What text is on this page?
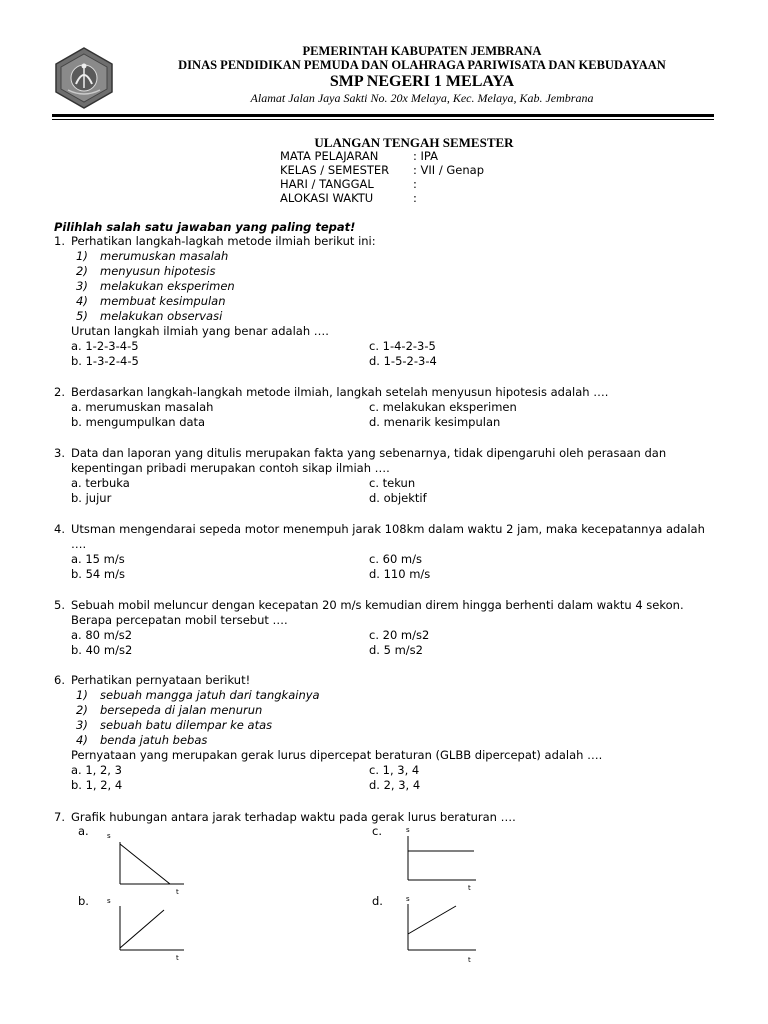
PEMERINTAH KABUPATEN JEMBRANA
DINAS PENDIDIKAN PEMUDA DAN OLAHRAGA PARIWISATA DAN KEBUDAYAAN
SMP NEGERI 1 MELAYA
Alamat Jalan Jaya Sakti No. 20x Melaya, Kec. Melaya, Kab. Jembrana
ULANGAN TENGAH SEMESTER
MATA PELAJARAN	: IPA
KELAS / SEMESTER	: VII / Genap
HARI / TANGGAL	:
ALOKASI WAKTU	:
Pilihlah salah satu jawaban yang paling tepat!
1. Perhatikan langkah-lagkah metode ilmiah berikut ini:
1)	merumuskan masalah
2)	menyusun hipotesis
3)	melakukan eksperimen
4)	membuat kesimpulan
5)	melakukan observasi
Urutan langkah ilmiah yang benar adalah ….
a. 1-2-3-4-5	c. 1-4-2-3-5
b. 1-3-2-4-5	d. 1-5-2-3-4
2. Berdasarkan langkah-langkah metode ilmiah, langkah setelah menyusun hipotesis adalah ….
a. merumuskan masalah	c. melakukan eksperimen
b. mengumpulkan data	d. menarik kesimpulan
3. Data dan laporan yang ditulis merupakan fakta yang sebenarnya, tidak dipengaruhi oleh perasaan dan
kepentingan pribadi merupakan contoh sikap ilmiah ….
a. terbuka	c. tekun
b. jujur	d. objektif
4. Utsman mengendarai sepeda motor menempuh jarak 108km dalam waktu 2 jam, maka kecepatannya adalah
….
a. 15 m/s	c. 60 m/s
b. 54 m/s	d. 110 m/s
5. Sebuah mobil meluncur dengan kecepatan 20 m/s kemudian direm hingga berhenti dalam waktu 4 sekon.
Berapa percepatan mobil tersebut ….
a. 80 m/s2	c. 20 m/s2
b. 40 m/s2	d. 5 m/s2
6. Perhatikan pernyataan berikut!
1)	sebuah mangga jatuh dari tangkainya
2)	bersepeda di jalan menurun
3)	sebuah batu dilempar ke atas
4)	benda jatuh bebas
Pernyataan yang merupakan gerak lurus dipercepat beraturan (GLBB dipercepat) adalah ….
a. 1, 2, 3	c. 1, 3, 4
b. 1, 2, 4	d. 2, 3, 4
7. Grafik hubungan antara jarak terhadap waktu pada gerak lurus beraturan ….
a.	s
t
c.	s
t
b.	s
t
d.	s
t
